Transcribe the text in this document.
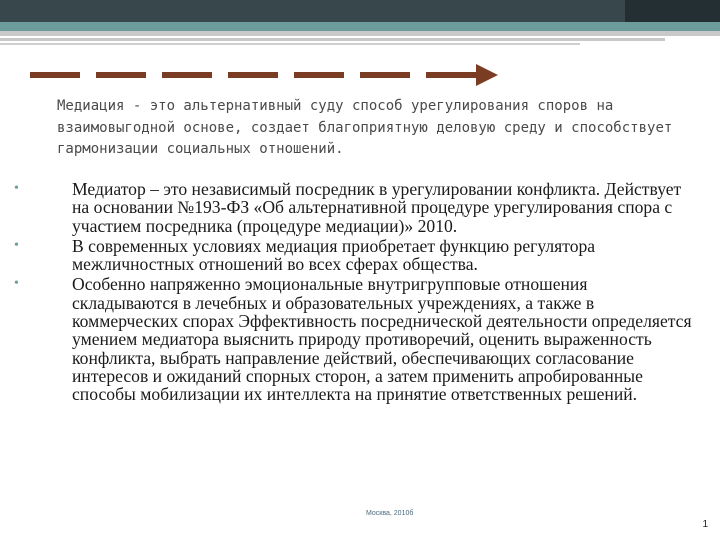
Медиация - это альтернативный суду способ урегулирования споров на взаимовыгодной основе, создает благоприятную деловую среду и способствует гармонизации социальных отношений.

•	Медиатор – это независимый посредник в урегулировании конфликта. Действует на основании №193-ФЗ «Об альтернативной процедуре урегулирования спора с участием посредника (процедуре медиации)» 2010.
•	В современных условиях медиация приобретает функцию регулятора межличностных отношений во всех сферах общества.
•	Особенно напряженно эмоциональные внутригрупповые отношения складываются в лечебных и образовательных учреждениях, а также в коммерческих спорах Эффективность посреднической деятельности определяется умением медиатора выяснить природу противоречий, оценить выраженность конфликта, выбрать направление действий, обеспечивающих согласование интересов и ожиданий спорных сторон, а затем применить апробированные способы мобилизации их интеллекта на принятие ответственных решений.
Москва, 2010б
1
